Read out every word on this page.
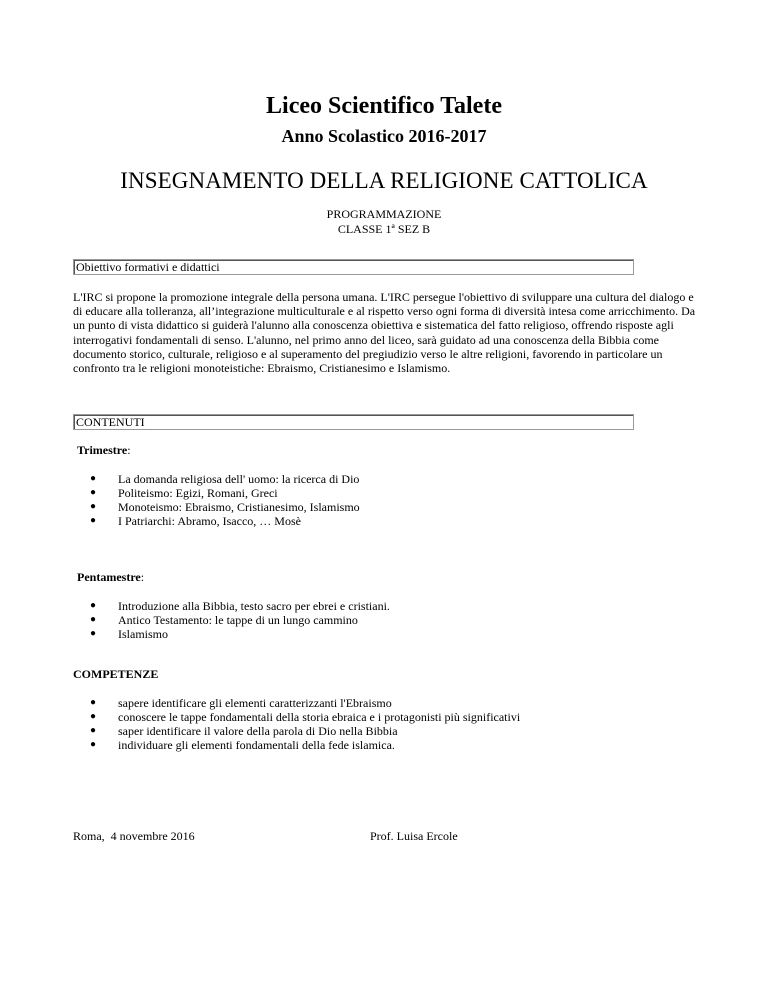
Liceo Scientifico Talete
Anno Scolastico 2016-2017
INSEGNAMENTO DELLA RELIGIONE CATTOLICA
PROGRAMMAZIONE
CLASSE 1ª SEZ B
Obiettivo formativi e didattici
L'IRC si propone la promozione integrale della persona umana. L'IRC persegue l'obiettivo di sviluppare una cultura del dialogo e di educare alla tolleranza, all’integrazione multiculturale e al rispetto verso ogni forma di diversità intesa come arricchimento. Da un punto di vista didattico si guiderà l'alunno alla conoscenza obiettiva e sistematica del fatto religioso, offrendo risposte agli interrogativi fondamentali di senso. L'alunno, nel primo anno del liceo, sarà guidato ad una conoscenza della Bibbia come documento storico, culturale, religioso e al superamento del pregiudizio verso le altre religioni, favorendo in particolare un confronto tra le religioni monoteistiche: Ebraismo, Cristianesimo e Islamismo.
CONTENUTI
Trimestre:
● La domanda religiosa dell' uomo: la ricerca di Dio
● Politeismo: Egizi, Romani, Greci
● Monoteismo: Ebraismo, Cristianesimo, Islamismo
● I Patriarchi: Abramo, Isacco, … Mosè
Pentamestre:
● Introduzione alla Bibbia, testo sacro per ebrei e cristiani.
● Antico Testamento: le tappe di un lungo cammino
● Islamismo
COMPETENZE
● sapere identificare gli elementi caratterizzanti l'Ebraismo
● conoscere le tappe fondamentali della storia ebraica e i protagonisti più significativi
● saper identificare il valore della parola di Dio nella Bibbia
● individuare gli elementi fondamentali della fede islamica.
Roma,  4 novembre 2016	Prof. Luisa Ercole
